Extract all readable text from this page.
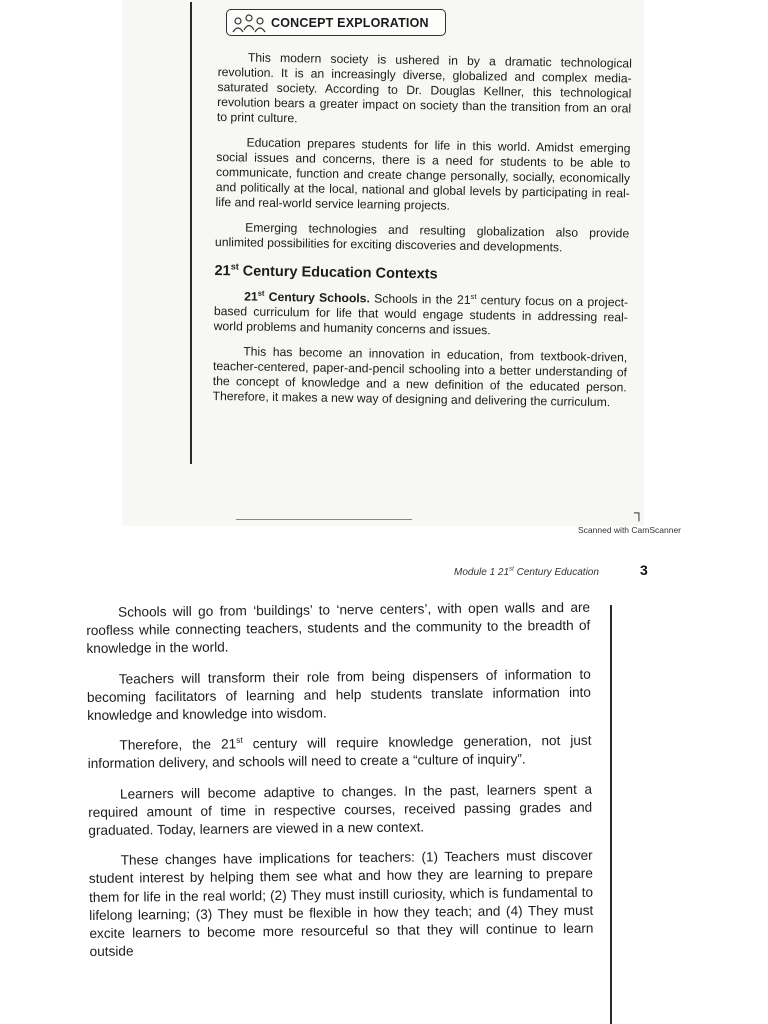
CONCEPT EXPLORATION

This modern society is ushered in by a dramatic technological revolution. It is an increasingly diverse, globalized and complex media-saturated society. According to Dr. Douglas Kellner, this technological revolution bears a greater impact on society than the transition from an oral to print culture.

Education prepares students for life in this world. Amidst emerging social issues and concerns, there is a need for students to be able to communicate, function and create change personally, socially, economically and politically at the local, national and global levels by participating in real-life and real-world service learning projects.

Emerging technologies and resulting globalization also provide unlimited possibilities for exciting discoveries and developments.

21st Century Education Contexts

21st Century Schools. Schools in the 21st century focus on a project-based curriculum for life that would engage students in addressing real-world problems and humanity concerns and issues.

This has become an innovation in education, from textbook-driven, teacher-centered, paper-and-pencil schooling into a better understanding of the concept of knowledge and a new definition of the educated person. Therefore, it makes a new way of designing and delivering the curriculum.

┐
Scanned with CamScanner
Module 1 21st Century Education	3

Schools will go from ‘buildings’ to ‘nerve centers’, with open walls and are roofless while connecting teachers, students and the community to the breadth of knowledge in the world.

Teachers will transform their role from being dispensers of information to becoming facilitators of learning and help students translate information into knowledge and knowledge into wisdom.

Therefore, the 21st century will require knowledge generation, not just information delivery, and schools will need to create a “culture of inquiry”.

Learners will become adaptive to changes. In the past, learners spent a required amount of time in respective courses, received passing grades and graduated. Today, learners are viewed in a new context.

These changes have implications for teachers: (1) Teachers must discover student interest by helping them see what and how they are learning to prepare them for life in the real world; (2) They must instill curiosity, which is fundamental to lifelong learning; (3) They must be flexible in how they teach; and (4) They must excite learners to become more resourceful so that they will continue to learn outside
